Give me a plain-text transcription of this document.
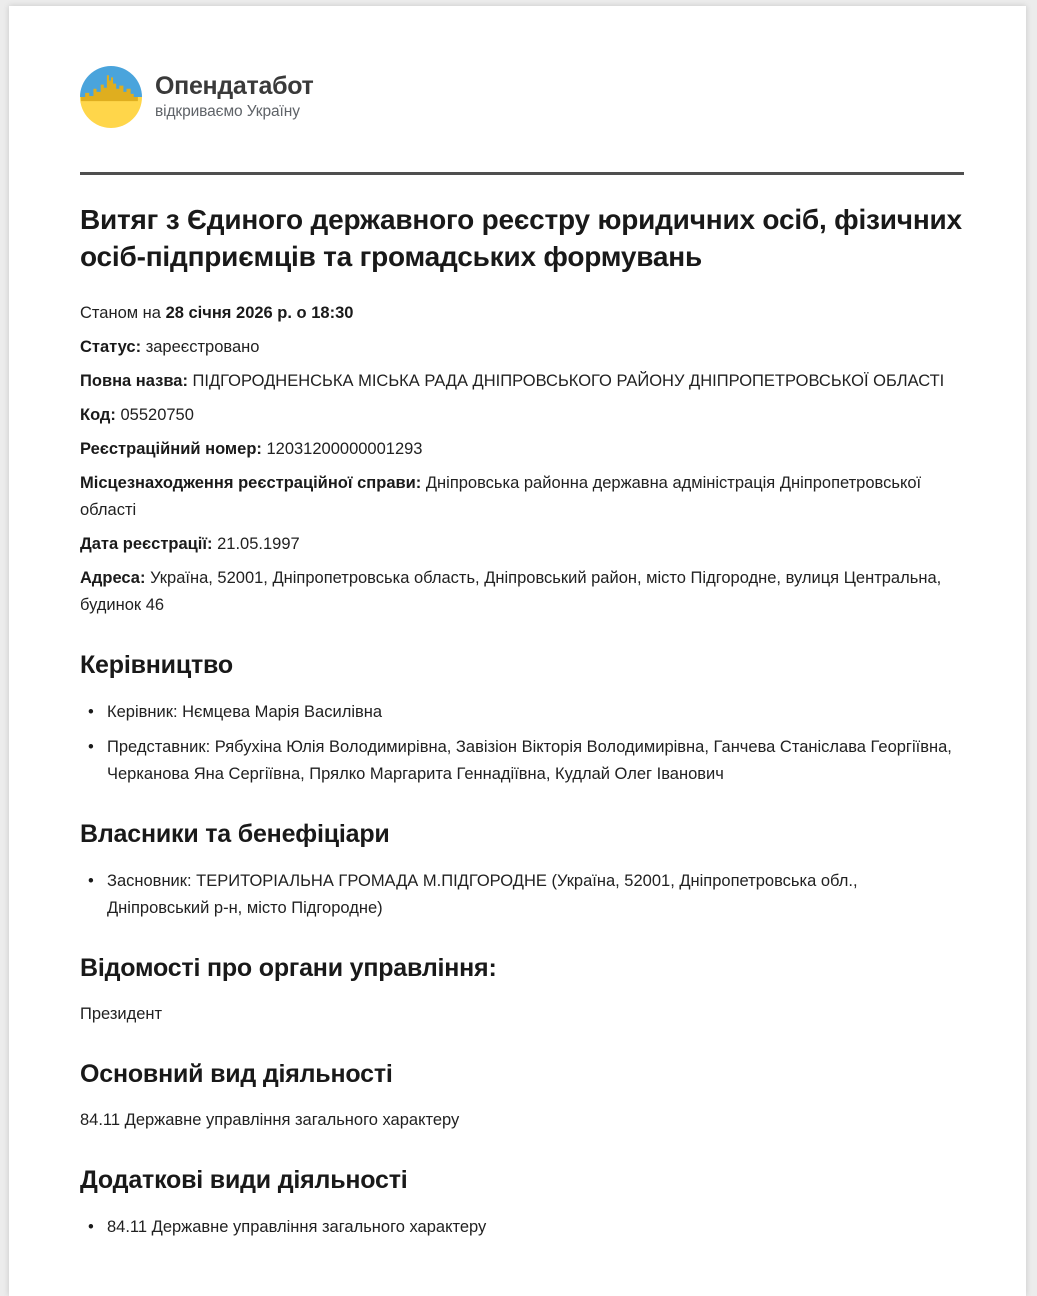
Опендатабот
відкриваємо Україну
Витяг з Єдиного державного реєстру юридичних осіб, фізичних осіб-підприємців та громадських формувань

Станом на 28 січня 2026 р. о 18:30

Статус: зареєстровано

Повна назва: ПІДГОРОДНЕНСЬКА МІСЬКА РАДА ДНІПРОВСЬКОГО РАЙОНУ ДНІПРОПЕТРОВСЬКОЇ ОБЛАСТІ

Код: 05520750

Реєстраційний номер: 12031200000001293

Місцезнаходження реєстраційної справи: Дніпровська районна державна адміністрація Дніпропетровської області

Дата реєстрації: 21.05.1997

Адреса: Україна, 52001, Дніпропетровська область, Дніпровський район, місто Підгородне, вулиця Центральна, будинок 46

Керівництво
• Керівник: Нємцева Марія Василівна
• Представник: Рябухіна Юлія Володимирівна, Завізіон Вікторія Володимирівна, Ганчева Станіслава Георгіївна, Черканова Яна Сергіївна, Прялко Маргарита Геннадіївна, Кудлай Олег Іванович
Власники та бенефіціари
• Засновник: ТЕРИТОРІАЛЬНА ГРОМАДА М.ПІДГОРОДНЕ (Україна, 52001, Дніпропетровська обл., Дніпровський р-н, місто Підгородне)
Відомості про органи управління:

Президент

Основний вид діяльності

84.11 Державне управління загального характеру

Додаткові види діяльності
• 84.11 Державне управління загального характеру
